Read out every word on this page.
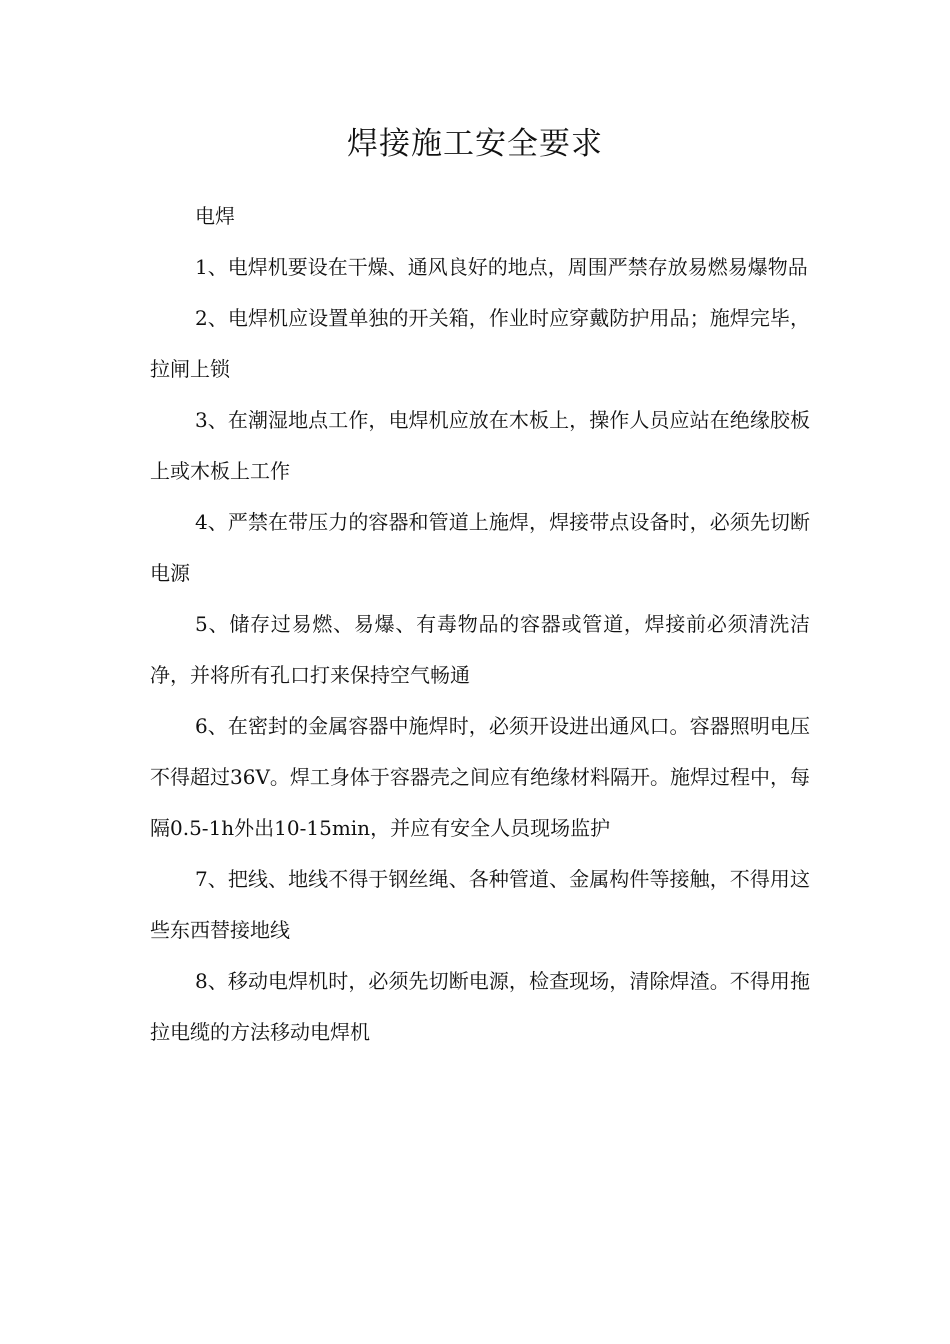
焊接施工安全要求

电焊

1、电焊机要设在干燥、通风良好的地点，周围严禁存放易燃易爆物品

2、电焊机应设置单独的开关箱，作业时应穿戴防护用品；施焊完毕，拉闸上锁

3、在潮湿地点工作，电焊机应放在木板上，操作人员应站在绝缘胶板上或木板上工作

4、严禁在带压力的容器和管道上施焊，焊接带点设备时，必须先切断电源

5、储存过易燃、易爆、有毒物品的容器或管道，焊接前必须清洗洁净，并将所有孔口打来保持空气畅通

6、在密封的金属容器中施焊时，必须开设进出通风口。容器照明电压不得超过36V。焊工身体于容器壳之间应有绝缘材料隔开。施焊过程中，每隔0.5-1h外出10-15min，并应有安全人员现场监护

7、把线、地线不得于钢丝绳、各种管道、金属构件等接触，不得用这些东西替接地线

8、移动电焊机时，必须先切断电源，检查现场，清除焊渣。不得用拖拉电缆的方法移动电焊机
